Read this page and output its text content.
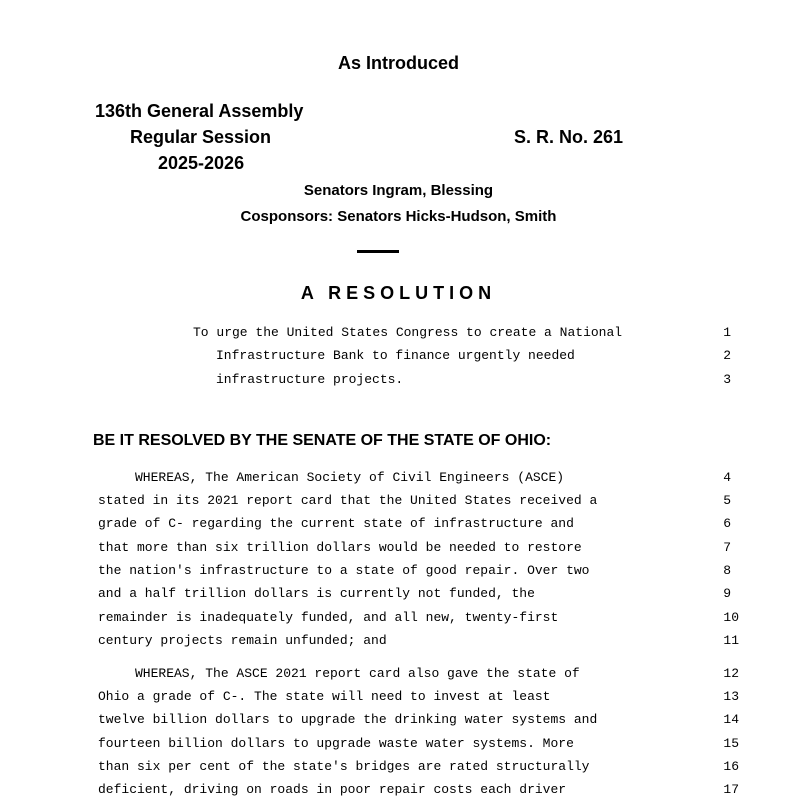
As Introduced
136th General Assembly
Regular Session	S. R. No. 261
2025-2026
Senators Ingram, Blessing
Cosponsors: Senators Hicks-Hudson, Smith
A RESOLUTION
To urge the United States Congress to create a National	1
Infrastructure Bank to finance urgently needed	2
infrastructure projects.	3
BE IT RESOLVED BY THE SENATE OF THE STATE OF OHIO:
WHEREAS, The American Society of Civil Engineers (ASCE)	4
stated in its 2021 report card that the United States received a	5
grade of C- regarding the current state of infrastructure and	6
that more than six trillion dollars would be needed to restore	7
the nation's infrastructure to a state of good repair. Over two	8
and a half trillion dollars is currently not funded, the	9
remainder is inadequately funded, and all new, twenty-first	10
century projects remain unfunded; and	11
WHEREAS, The ASCE 2021 report card also gave the state of	12
Ohio a grade of C-. The state will need to invest at least	13
twelve billion dollars to upgrade the drinking water systems and	14
fourteen billion dollars to upgrade waste water systems. More	15
than six per cent of the state's bridges are rated structurally	16
deficient, driving on roads in poor repair costs each driver	17
